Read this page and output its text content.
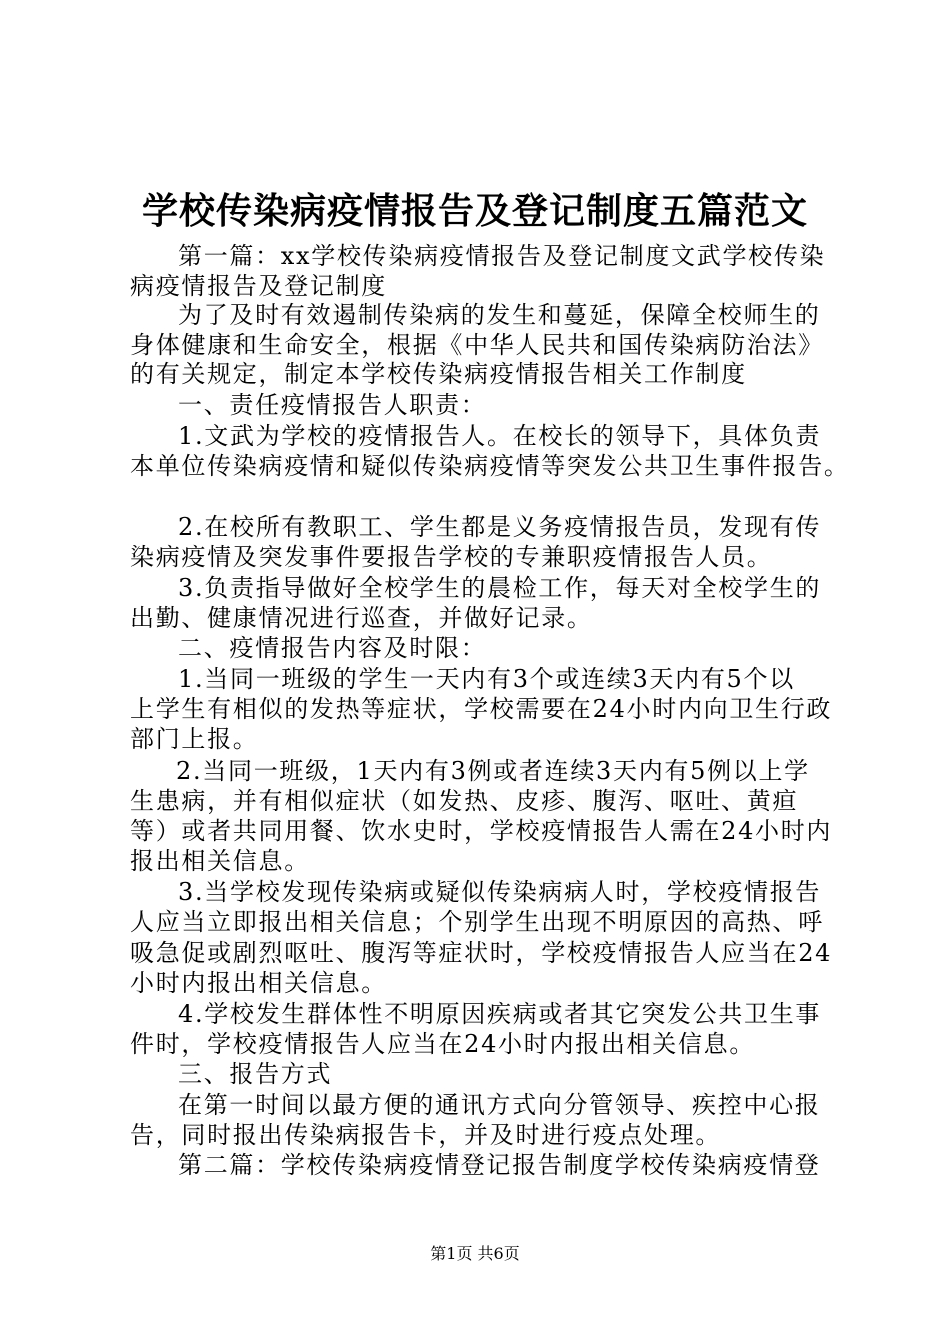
学校传染病疫情报告及登记制度五篇范文
第一篇：xx学校传染病疫情报告及登记制度文武学校传染
病疫情报告及登记制度
为了及时有效遏制传染病的发生和蔓延，保障全校师生的
身体健康和生命安全，根据《中华人民共和国传染病防治法》
的有关规定，制定本学校传染病疫情报告相关工作制度
一、责任疫情报告人职责：
1.文武为学校的疫情报告人。在校长的领导下，具体负责
本单位传染病疫情和疑似传染病疫情等突发公共卫生事件报告。
2.在校所有教职工、学生都是义务疫情报告员，发现有传
染病疫情及突发事件要报告学校的专兼职疫情报告人员。
3.负责指导做好全校学生的晨检工作，每天对全校学生的
出勤、健康情况进行巡查，并做好记录。
二、疫情报告内容及时限：
1.当同一班级的学生一天内有3个或连续3天内有5个以
上学生有相似的发热等症状，学校需要在24小时内向卫生行政
部门上报。
2.当同一班级，1天内有3例或者连续3天内有5例以上学
生患病，并有相似症状（如发热、皮疹、腹泻、呕吐、黄疸
等）或者共同用餐、饮水史时，学校疫情报告人需在24小时内
报出相关信息。
3.当学校发现传染病或疑似传染病病人时，学校疫情报告
人应当立即报出相关信息；个别学生出现不明原因的高热、呼
吸急促或剧烈呕吐、腹泻等症状时，学校疫情报告人应当在24
小时内报出相关信息。
4.学校发生群体性不明原因疾病或者其它突发公共卫生事
件时，学校疫情报告人应当在24小时内报出相关信息。
三、报告方式
在第一时间以最方便的通讯方式向分管领导、疾控中心报
告，同时报出传染病报告卡，并及时进行疫点处理。
第二篇：学校传染病疫情登记报告制度学校传染病疫情登
第1页 共6页
